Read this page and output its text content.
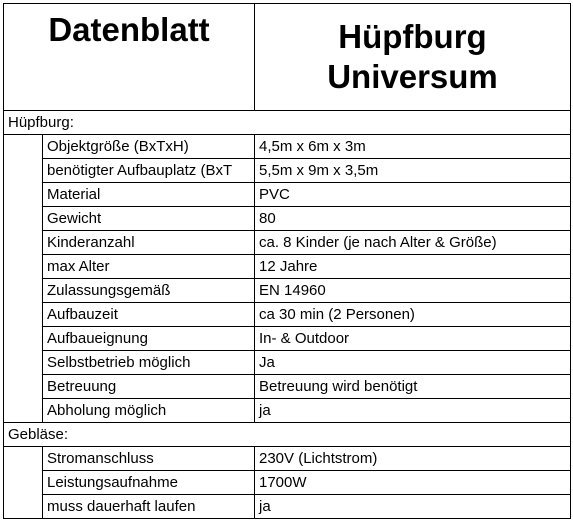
Datenblatt		Hüpfburg
Universum

Hüpfburg:		
	Objektgröße (BxTxH)	4,5m x 6m x 3m
	benötigter Aufbauplatz (BxT	5,5m x 9m x 3,5m
	Material	PVC
	Gewicht	80
	Kinderanzahl	ca. 8 Kinder (je nach Alter & Größe)
	max Alter	12 Jahre
	Zulassungsgemäß	EN 14960
	Aufbauzeit	ca 30 min (2 Personen)
	Aufbaueignung	In- & Outdoor
	Selbstbetrieb möglich	Ja
	Betreuung	Betreuung wird benötigt
	Abholung möglich	ja
Gebläse:		
	Stromanschluss	230V (Lichtstrom)
	Leistungsaufnahme	1700W
	muss dauerhaft laufen	ja
